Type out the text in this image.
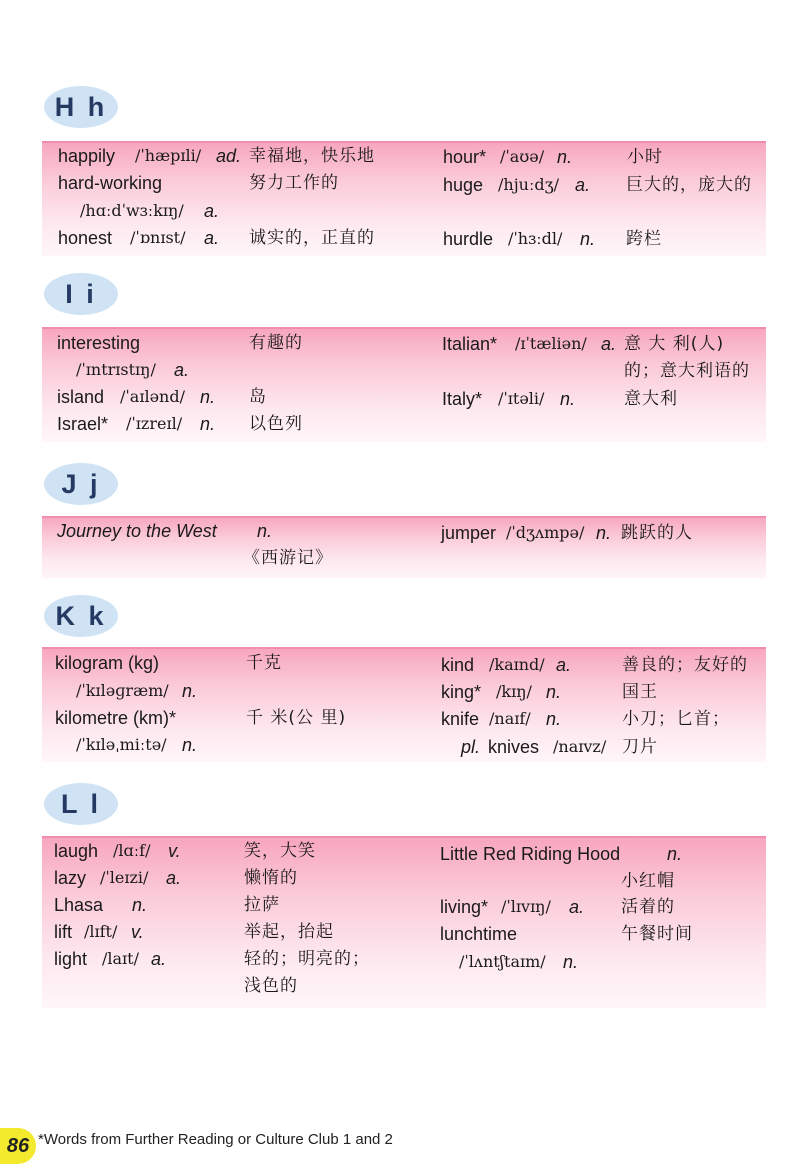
H h
happily /ˈhæpɪli/ ad. 幸福地，快乐地
hard-working	努力工作的
/hɑːdˈwɜːkɪŋ/ a.
honest /ˈɒnɪst/ a. 诚实的，正直的
hour* /ˈaʊə/ n.	小时
huge /hjuːdʒ/ a. 巨大的，庞大的
hurdle /ˈhɜːdl/ n. 跨栏
I i
interesting	有趣的
/ˈɪntrɪstɪŋ/ a.
island /ˈaɪlənd/ n. 岛
Israel* /ˈɪzreɪl/ n. 以色列
Italian* /ɪˈtæliən/ a. 意 大 利(人)
的；意大利语的
Italy* /ˈɪtəli/ n.	意大利
J j
Journey to the West n.
《西游记》
jumper /ˈdʒʌmpə/ n. 跳跃的人
K k
kilogram (kg)	千克
/ˈkɪləɡræm/ n.
kilometre (km)*	千 米(公 里)
/ˈkɪləˌmiːtə/ n.
kind /kaɪnd/ a.	善良的；友好的
king* /kɪŋ/ n.	国王
knife /naɪf/ n.	小刀；匕首；
pl. knives /naɪvz/ 刀片
L l
laugh /lɑːf/ v.	笑，大笑
lazy /ˈleɪzi/ a.	懒惰的
Lhasa n.	拉萨
lift /lɪft/ v.	举起，抬起
light /laɪt/ a.	轻的；明亮的；
浅色的
Little Red Riding Hood	n.
小红帽
living* /ˈlɪvɪŋ/ a. 活着的
lunchtime	午餐时间
/ˈlʌntʃtaɪm/ n.
86 *Words from Further Reading or Culture Club 1 and 2
